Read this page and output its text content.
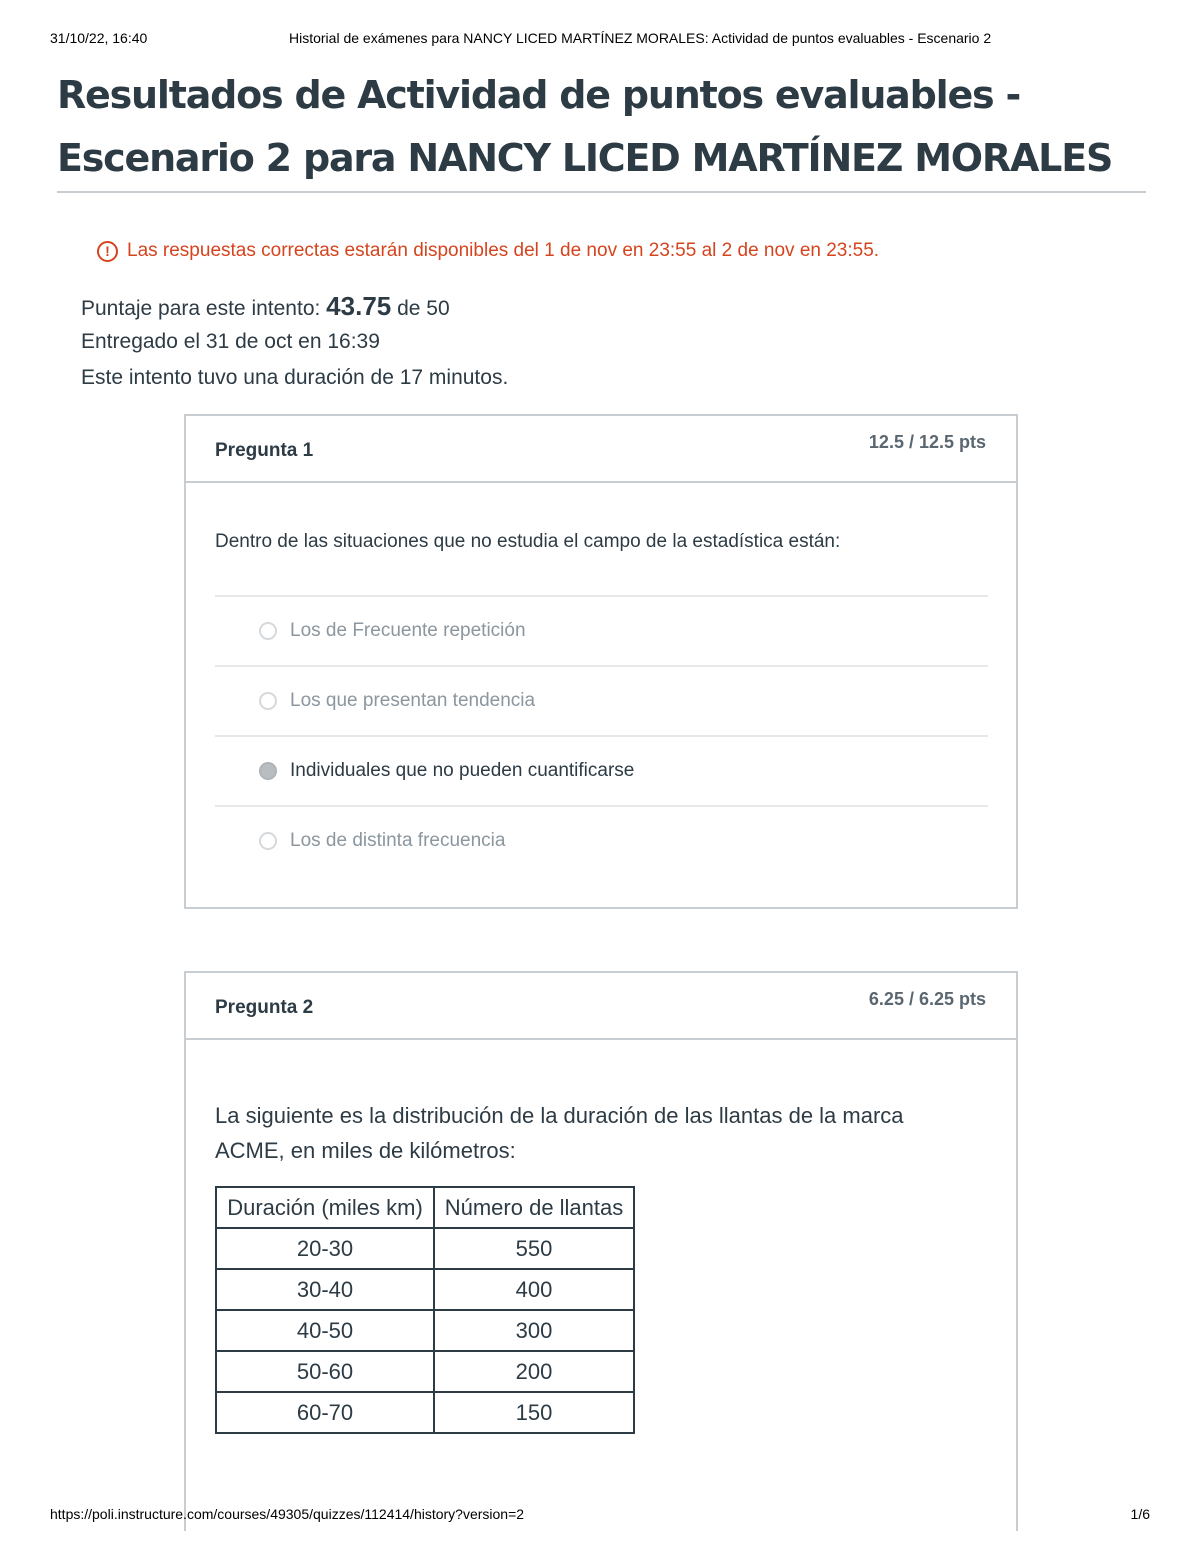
31/10/22, 16:40	Historial de exámenes para NANCY LICED MARTÍNEZ MORALES: Actividad de puntos evaluables - Escenario 2
Resultados de Actividad de puntos evaluables - Escenario 2 para NANCY LICED MARTÍNEZ MORALES
! Las respuestas correctas estarán disponibles del 1 de nov en 23:55 al 2 de nov en 23:55.
Puntaje para este intento: 43.75 de 50
Entregado el 31 de oct en 16:39
Este intento tuvo una duración de 17 minutos.
Pregunta 1	12.5 / 12.5 pts
Dentro de las situaciones que no estudia el campo de la estadística están:
Los de Frecuente repetición
Los que presentan tendencia
Individuales que no pueden cuantificarse
Los de distinta frecuencia
Pregunta 2	6.25 / 6.25 pts
La siguiente es la distribución de la duración de las llantas de la marca ACME, en miles de kilómetros:
Duración (miles km)	Número de llantas
20-30	550
30-40	400
40-50	300
50-60	200
60-70	150
https://poli.instructure.com/courses/49305/quizzes/112414/history?version=2	1/6
